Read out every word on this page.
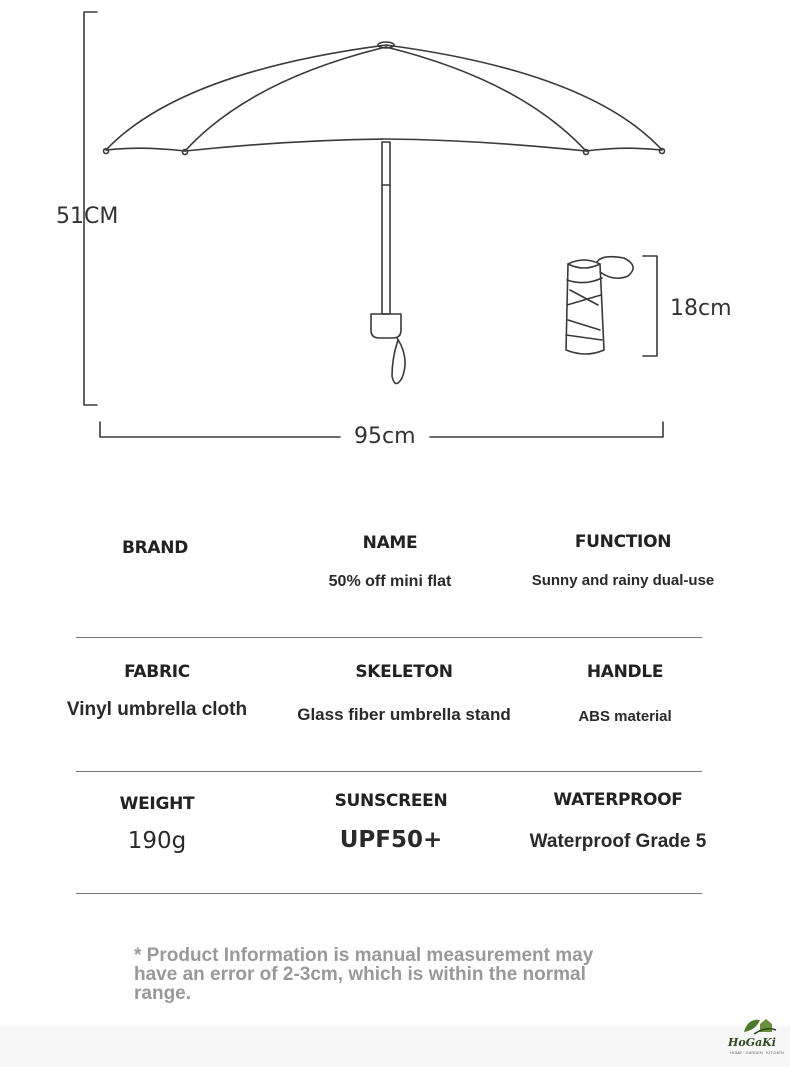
51CM
95cm
18cm
BRAND	NAME
50% off mini flat
FUNCTION
Sunny and rainy dual-use
FABRIC
Vinyl umbrella cloth
SKELETON
Glass fiber umbrella stand
HANDLE
ABS material
WEIGHT
190g
SUNSCREEN
UPF50+
WATERPROOF
Waterproof Grade 5
* Product Information is manual measurement may have an error of 2-3cm, which is within the normal range.
HoGaKi
HOME · GARDEN · KITCHEN
